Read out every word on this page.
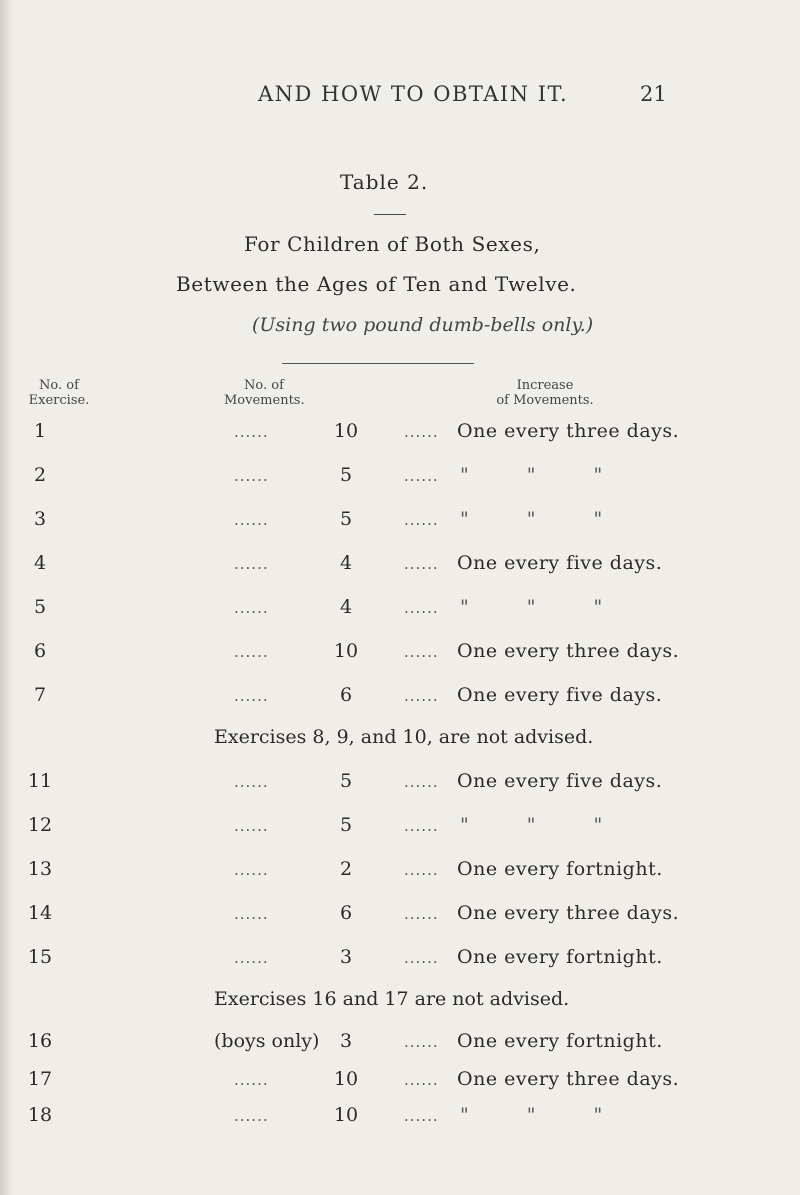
AND HOW TO OBTAIN IT.	21
Table 2.
For Children of Both Sexes,
Between the Ages of Ten and Twelve.
(Using two pound dumb-bells only.)
No. of
Exercise.
No. of
Movements.
Increase
of Movements.
1	......	10	...... One every three days.
2	......	5	...... " " "
3	......	5	...... " " "
4	......	4	...... One every five days.
5	......	4	...... " " "
6	......	10	...... One every three days.
7	......	6	...... One every five days.
Exercises 8, 9, and 10, are not advised.
11	......	5	...... One every five days.
12	......	5	...... " " "
13	......	2	...... One every fortnight.
14	......	6	...... One every three days.
15	......	3	...... One every fortnight.
Exercises 16 and 17 are not advised.
16	(boys only)	3	...... One every fortnight.
17	......	10	...... One every three days.
18	......	10	...... " " "
